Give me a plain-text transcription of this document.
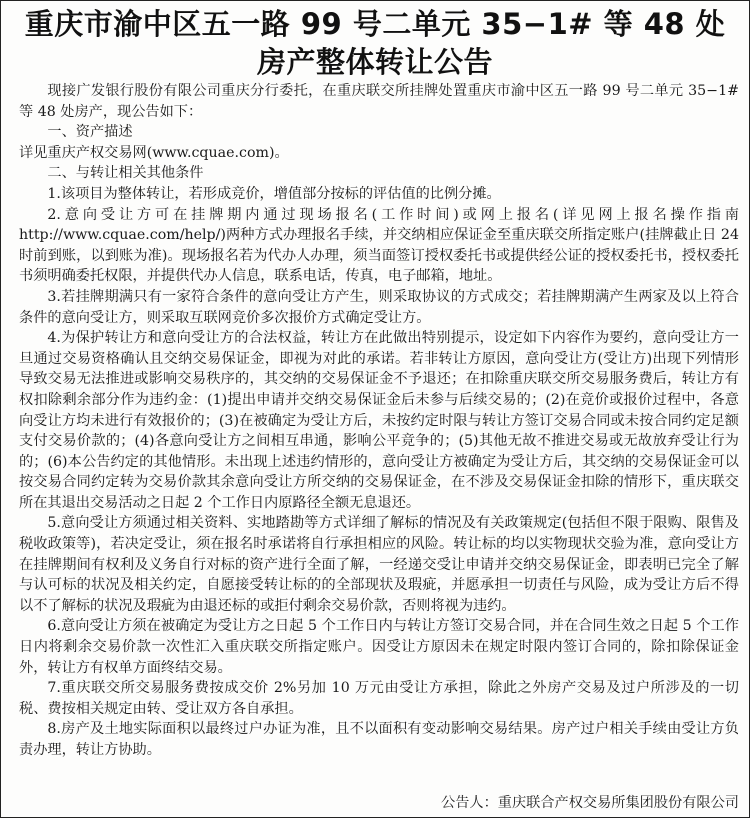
重庆市渝中区五一路 99 号二单元 35−1# 等 48 处
房产整体转让公告

现接广发银行股份有限公司重庆分行委托，在重庆联交所挂牌处置重庆市渝中区五一路 99 号二单元 35−1# 等 48 处房产，现公告如下：

一、资产描述

详见重庆产权交易网(www.cquae.com)。

二、与转让相关其他条件

1.该项目为整体转让，若形成竞价，增值部分按标的评估值的比例分摊。

2.意向受让方可在挂牌期内通过现场报名(工作时间)或网上报名(详见网上报名操作指南 http://www.cquae.com/help/)两种方式办理报名手续，并交纳相应保证金至重庆联交所指定账户(挂牌截止日 24 时前到账，以到账为准)。现场报名若为代办人办理，须当面签订授权委托书或提供经公证的授权委托书，授权委托书须明确委托权限，并提供代办人信息，联系电话，传真，电子邮箱，地址。

3.若挂牌期满只有一家符合条件的意向受让方产生，则采取协议的方式成交；若挂牌期满产生两家及以上符合条件的意向受让方，则采取互联网竞价多次报价方式确定受让方。

4.为保护转让方和意向受让方的合法权益，转让方在此做出特别提示，设定如下内容作为要约，意向受让方一旦通过交易资格确认且交纳交易保证金，即视为对此的承诺。若非转让方原因，意向受让方(受让方)出现下列情形导致交易无法推进或影响交易秩序的，其交纳的交易保证金不予退还；在扣除重庆联交所交易服务费后，转让方有权扣除剩余部分作为违约金：(1)提出申请并交纳交易保证金后未参与后续交易的；(2)在竞价或报价过程中，各意向受让方均未进行有效报价的；(3)在被确定为受让方后，未按约定时限与转让方签订交易合同或未按合同约定足额支付交易价款的；(4)各意向受让方之间相互串通，影响公平竞争的；(5)其他无故不推进交易或无故放弃受让行为的；(6)本公告约定的其他情形。未出现上述违约情形的，意向受让方被确定为受让方后，其交纳的交易保证金可以按交易合同约定转为交易价款其余意向受让方所交纳的交易保证金，在不涉及交易保证金扣除的情形下，重庆联交所在其退出交易活动之日起 2 个工作日内原路径全额无息退还。

5.意向受让方须通过相关资料、实地踏勘等方式详细了解标的情况及有关政策规定(包括但不限于限购、限售及税收政策等)，若决定受让，须在报名时承诺将自行承担相应的风险。转让标的均以实物现状交验为准，意向受让方在挂牌期间有权利及义务自行对标的资产进行全面了解，一经递交受让申请并交纳交易保证金，即表明已完全了解与认可标的状况及相关约定，自愿接受转让标的的全部现状及瑕疵，并愿承担一切责任与风险，成为受让方后不得以不了解标的状况及瑕疵为由退还标的或拒付剩余交易价款，否则将视为违约。

6.意向受让方须在被确定为受让方之日起 5 个工作日内与转让方签订交易合同，并在合同生效之日起 5 个工作日内将剩余交易价款一次性汇入重庆联交所指定账户。因受让方原因未在规定时限内签订合同的，除扣除保证金外，转让方有权单方面终结交易。

7.重庆联交所交易服务费按成交价 2%另加 10 万元由受让方承担，除此之外房产交易及过户所涉及的一切税、费按相关规定由转、受让双方各自承担。

8.房产及土地实际面积以最终过户办证为准，且不以面积有变动影响交易结果。房产过户相关手续由受让方负责办理，转让方协助。

公告人：重庆联合产权交易所集团股份有限公司
